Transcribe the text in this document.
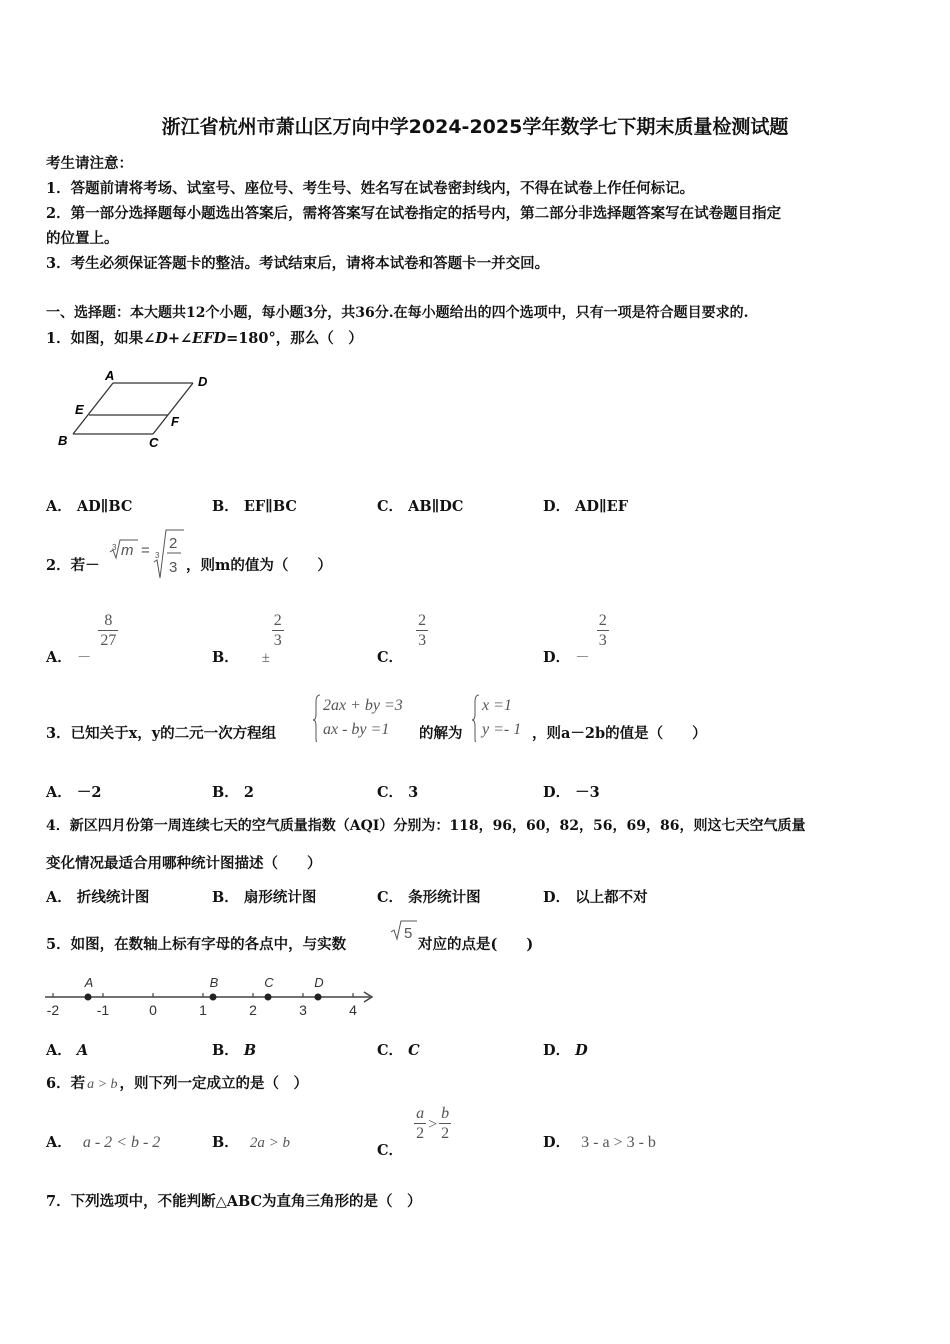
浙江省杭州市萧山区万向中学2024-2025学年数学七下期末质量检测试题
考生请注意：
1．答题前请将考场、试室号、座位号、考生号、姓名写在试卷密封线内，不得在试卷上作任何标记。
2．第一部分选择题每小题选出答案后，需将答案写在试卷指定的括号内，第二部分非选择题答案写在试卷题目指定
的位置上。
3．考生必须保证答题卡的整洁。考试结束后，请将本试卷和答题卡一并交回。
一、选择题：本大题共12个小题，每小题3分，共36分.在每小题给出的四个选项中，只有一项是符合题目要求的.
1．如图，如果∠D+∠EFD=180°，那么（　）
A	D
E
F
B	C
A． AD∥BC	B． EF∥BC	C． AB∥DC	D． AD∥EF
2．若－
3 m = 3
2
3 ，则m的值为（　　）
A． －
$\frac{8}{27}$
B． ±
$\frac{2}{3}$
C．
$\frac{2}{3}$
D． －
$\frac{2}{3}$
3．已知关于x，y的二元一次方程组
2ax + by =3
ax - by =1	的解为
x =1
y =- 1 ，则a－2b的值是（　　）
A． －2	B． 2	C． 3	D． －3
4．新区四月份第一周连续七天的空气质量指数（AQI）分别为：118，96，60，82，56，69，86，则这七天空气质量
变化情况最适合用哪种统计图描述（　　）
A． 折线统计图	B． 扇形统计图	C． 条形统计图	D． 以上都不对
5．如图，在数轴上标有字母的各点中，与实数
5
对应的点是(　　)
-2	-1	0	1	2	3	4
A	B	C	D
A． A	B． B	C． C	D． D
6．若 a > b ，则下列一定成立的是（　）
A． a - 2 < b - 2	B． 2a > b	C．
$\frac{a}{2} > \frac{b}{2}$	D． 3 - a > 3 - b
7．下列选项中，不能判断△ABC为直角三角形的是（　）
